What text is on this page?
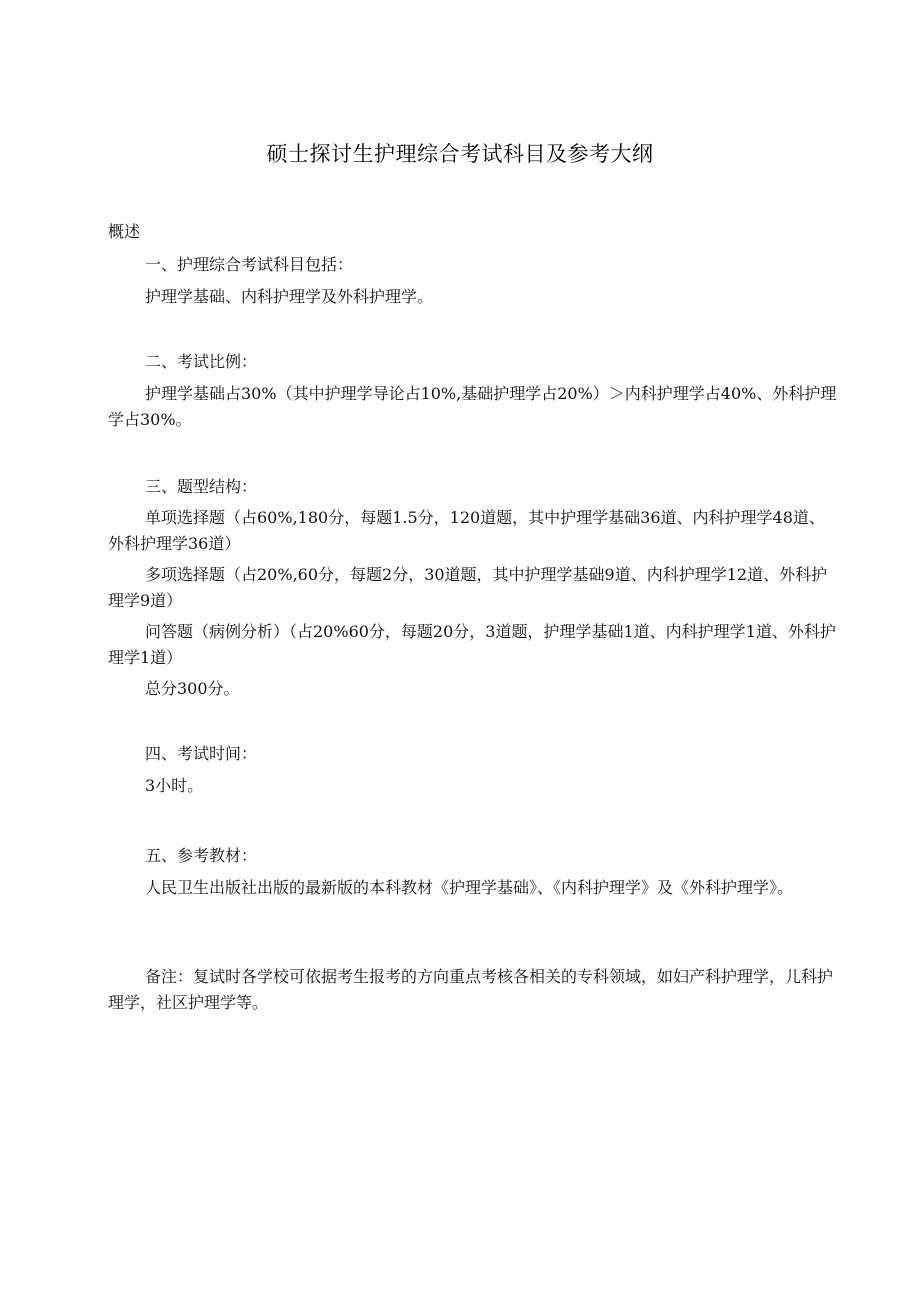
硕士探讨生护理综合考试科目及参考大纲
概述
一、护理综合考试科目包括：
护理学基础、内科护理学及外科护理学。
二、考试比例：
护理学基础占30%（其中护理学导论占10%,基础护理学占20%）＞内科护理学占40%、外科护理学占30%。
三、题型结构：
单项选择题（占60%,180分，每题1.5分，120道题，其中护理学基础36道、内科护理学48道、外科护理学36道）
多项选择题（占20%,60分，每题2分，30道题，其中护理学基础9道、内科护理学12道、外科护理学9道）
问答题（病例分析）（占20%60分，每题20分，3道题，护理学基础1道、内科护理学1道、外科护理学1道）
总分300分。
四、考试时间：
3小时。
五、参考教材：
人民卫生出版社出版的最新版的本科教材《护理学基础》、《内科护理学》及《外科护理学》。
备注：复试时各学校可依据考生报考的方向重点考核各相关的专科领域，如妇产科护理学，儿科护理学，社区护理学等。
